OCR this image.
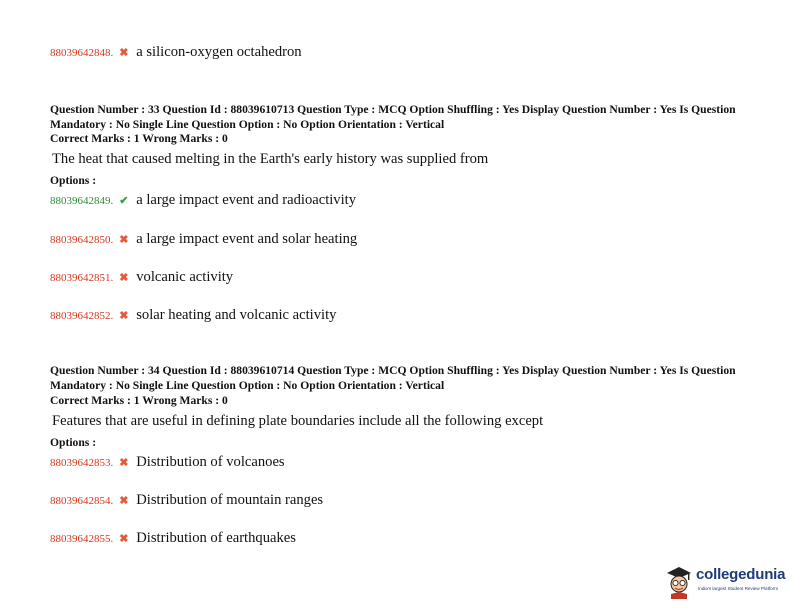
88039642848. ✖ a silicon-oxygen octahedron
Question Number : 33 Question Id : 88039610713 Question Type : MCQ Option Shuffling : Yes Display Question Number : Yes Is Question Mandatory : No Single Line Question Option : No Option Orientation : Vertical
Correct Marks : 1 Wrong Marks : 0
The heat that caused melting in the Earth's early history was supplied from
Options :
88039642849. ✔ a large impact event and radioactivity
88039642850. ✖ a large impact event and solar heating
88039642851. ✖ volcanic activity
88039642852. ✖ solar heating and volcanic activity
Question Number : 34 Question Id : 88039610714 Question Type : MCQ Option Shuffling : Yes Display Question Number : Yes Is Question Mandatory : No Single Line Question Option : No Option Orientation : Vertical
Correct Marks : 1 Wrong Marks : 0
Features that are useful in defining plate boundaries include all the following except
Options :
88039642853. ✖ Distribution of volcanoes
88039642854. ✖ Distribution of mountain ranges
88039642855. ✖ Distribution of earthquakes
collegedunia
India's largest Student Review Platform
